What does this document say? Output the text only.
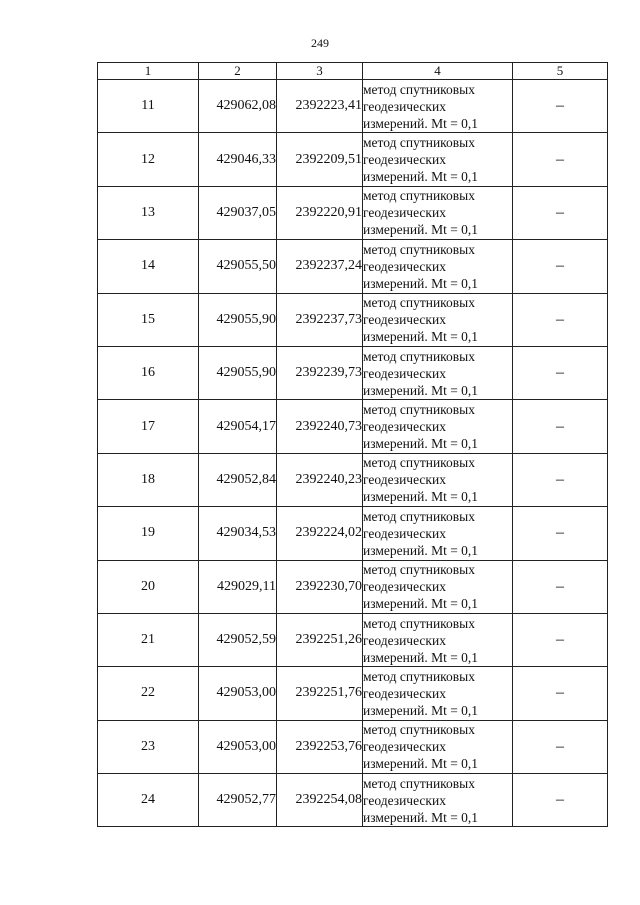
249
1	2	3	4	5
11	429062,08	2392223,41	метод спутниковых
геодезических
измерений. Mt = 0,1	–
12	429046,33	2392209,51	метод спутниковых
геодезических
измерений. Mt = 0,1	–
13	429037,05	2392220,91	метод спутниковых
геодезических
измерений. Mt = 0,1	–
14	429055,50	2392237,24	метод спутниковых
геодезических
измерений. Mt = 0,1	–
15	429055,90	2392237,73	метод спутниковых
геодезических
измерений. Mt = 0,1	–
16	429055,90	2392239,73	метод спутниковых
геодезических
измерений. Mt = 0,1	–
17	429054,17	2392240,73	метод спутниковых
геодезических
измерений. Mt = 0,1	–
18	429052,84	2392240,23	метод спутниковых
геодезических
измерений. Mt = 0,1	–
19	429034,53	2392224,02	метод спутниковых
геодезических
измерений. Mt = 0,1	–
20	429029,11	2392230,70	метод спутниковых
геодезических
измерений. Mt = 0,1	–
21	429052,59	2392251,26	метод спутниковых
геодезических
измерений. Mt = 0,1	–
22	429053,00	2392251,76	метод спутниковых
геодезических
измерений. Mt = 0,1	–
23	429053,00	2392253,76	метод спутниковых
геодезических
измерений. Mt = 0,1	–
24	429052,77	2392254,08	метод спутниковых
геодезических
измерений. Mt = 0,1	–
